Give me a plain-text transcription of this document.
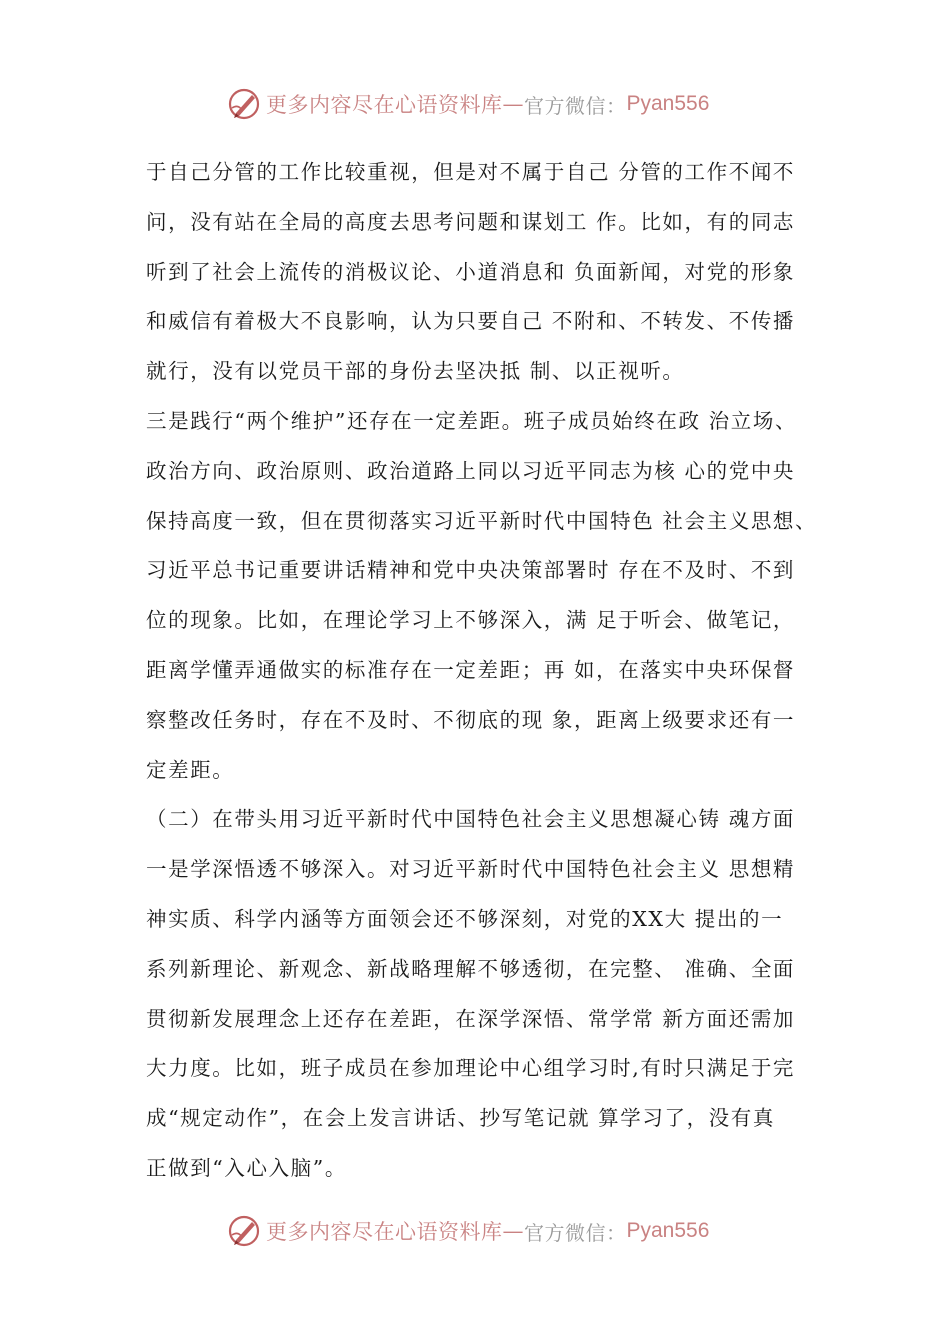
更多内容尽在心语资料库 — 官方微信： Pyan556
于自己分管的工作比较重视，但是对不属于自己 分管的工作不闻不
问，没有站在全局的高度去思考问题和谋划工 作。比如，有的同志
听到了社会上流传的消极议论、小道消息和 负面新闻，对党的形象
和威信有着极大不良影响，认为只要自己 不附和、不转发、不传播
就行，没有以党员干部的身份去坚决抵 制、以正视听。
三是践行“两个维护”还存在一定差距。班子成员始终在政 治立场、
政治方向、政治原则、政治道路上同以习近平同志为核 心的党中央
保持高度一致，但在贯彻落实习近平新时代中国特色 社会主义思想、
习近平总书记重要讲话精神和党中央决策部署时 存在不及时、不到
位的现象。比如，在理论学习上不够深入，满 足于听会、做笔记，
距离学懂弄通做实的标准存在一定差距；再 如，在落实中央环保督
察整改任务时，存在不及时、不彻底的现 象，距离上级要求还有一
定差距。
（二）在带头用习近平新时代中国特色社会主义思想凝心铸 魂方面
一是学深悟透不够深入。对习近平新时代中国特色社会主义 思想精
神实质、科学内涵等方面领会还不够深刻，对党的XX大 提出的一
系列新理论、新观念、新战略理解不够透彻，在完整、 准确、全面
贯彻新发展理念上还存在差距，在深学深悟、常学常 新方面还需加
大力度。比如，班子成员在参加理论中心组学习时,有时只满足于完
成“规定动作”，在会上发言讲话、抄写笔记就 算学习了，没有真
正做到“入心入脑”。
更多内容尽在心语资料库 — 官方微信： Pyan556
